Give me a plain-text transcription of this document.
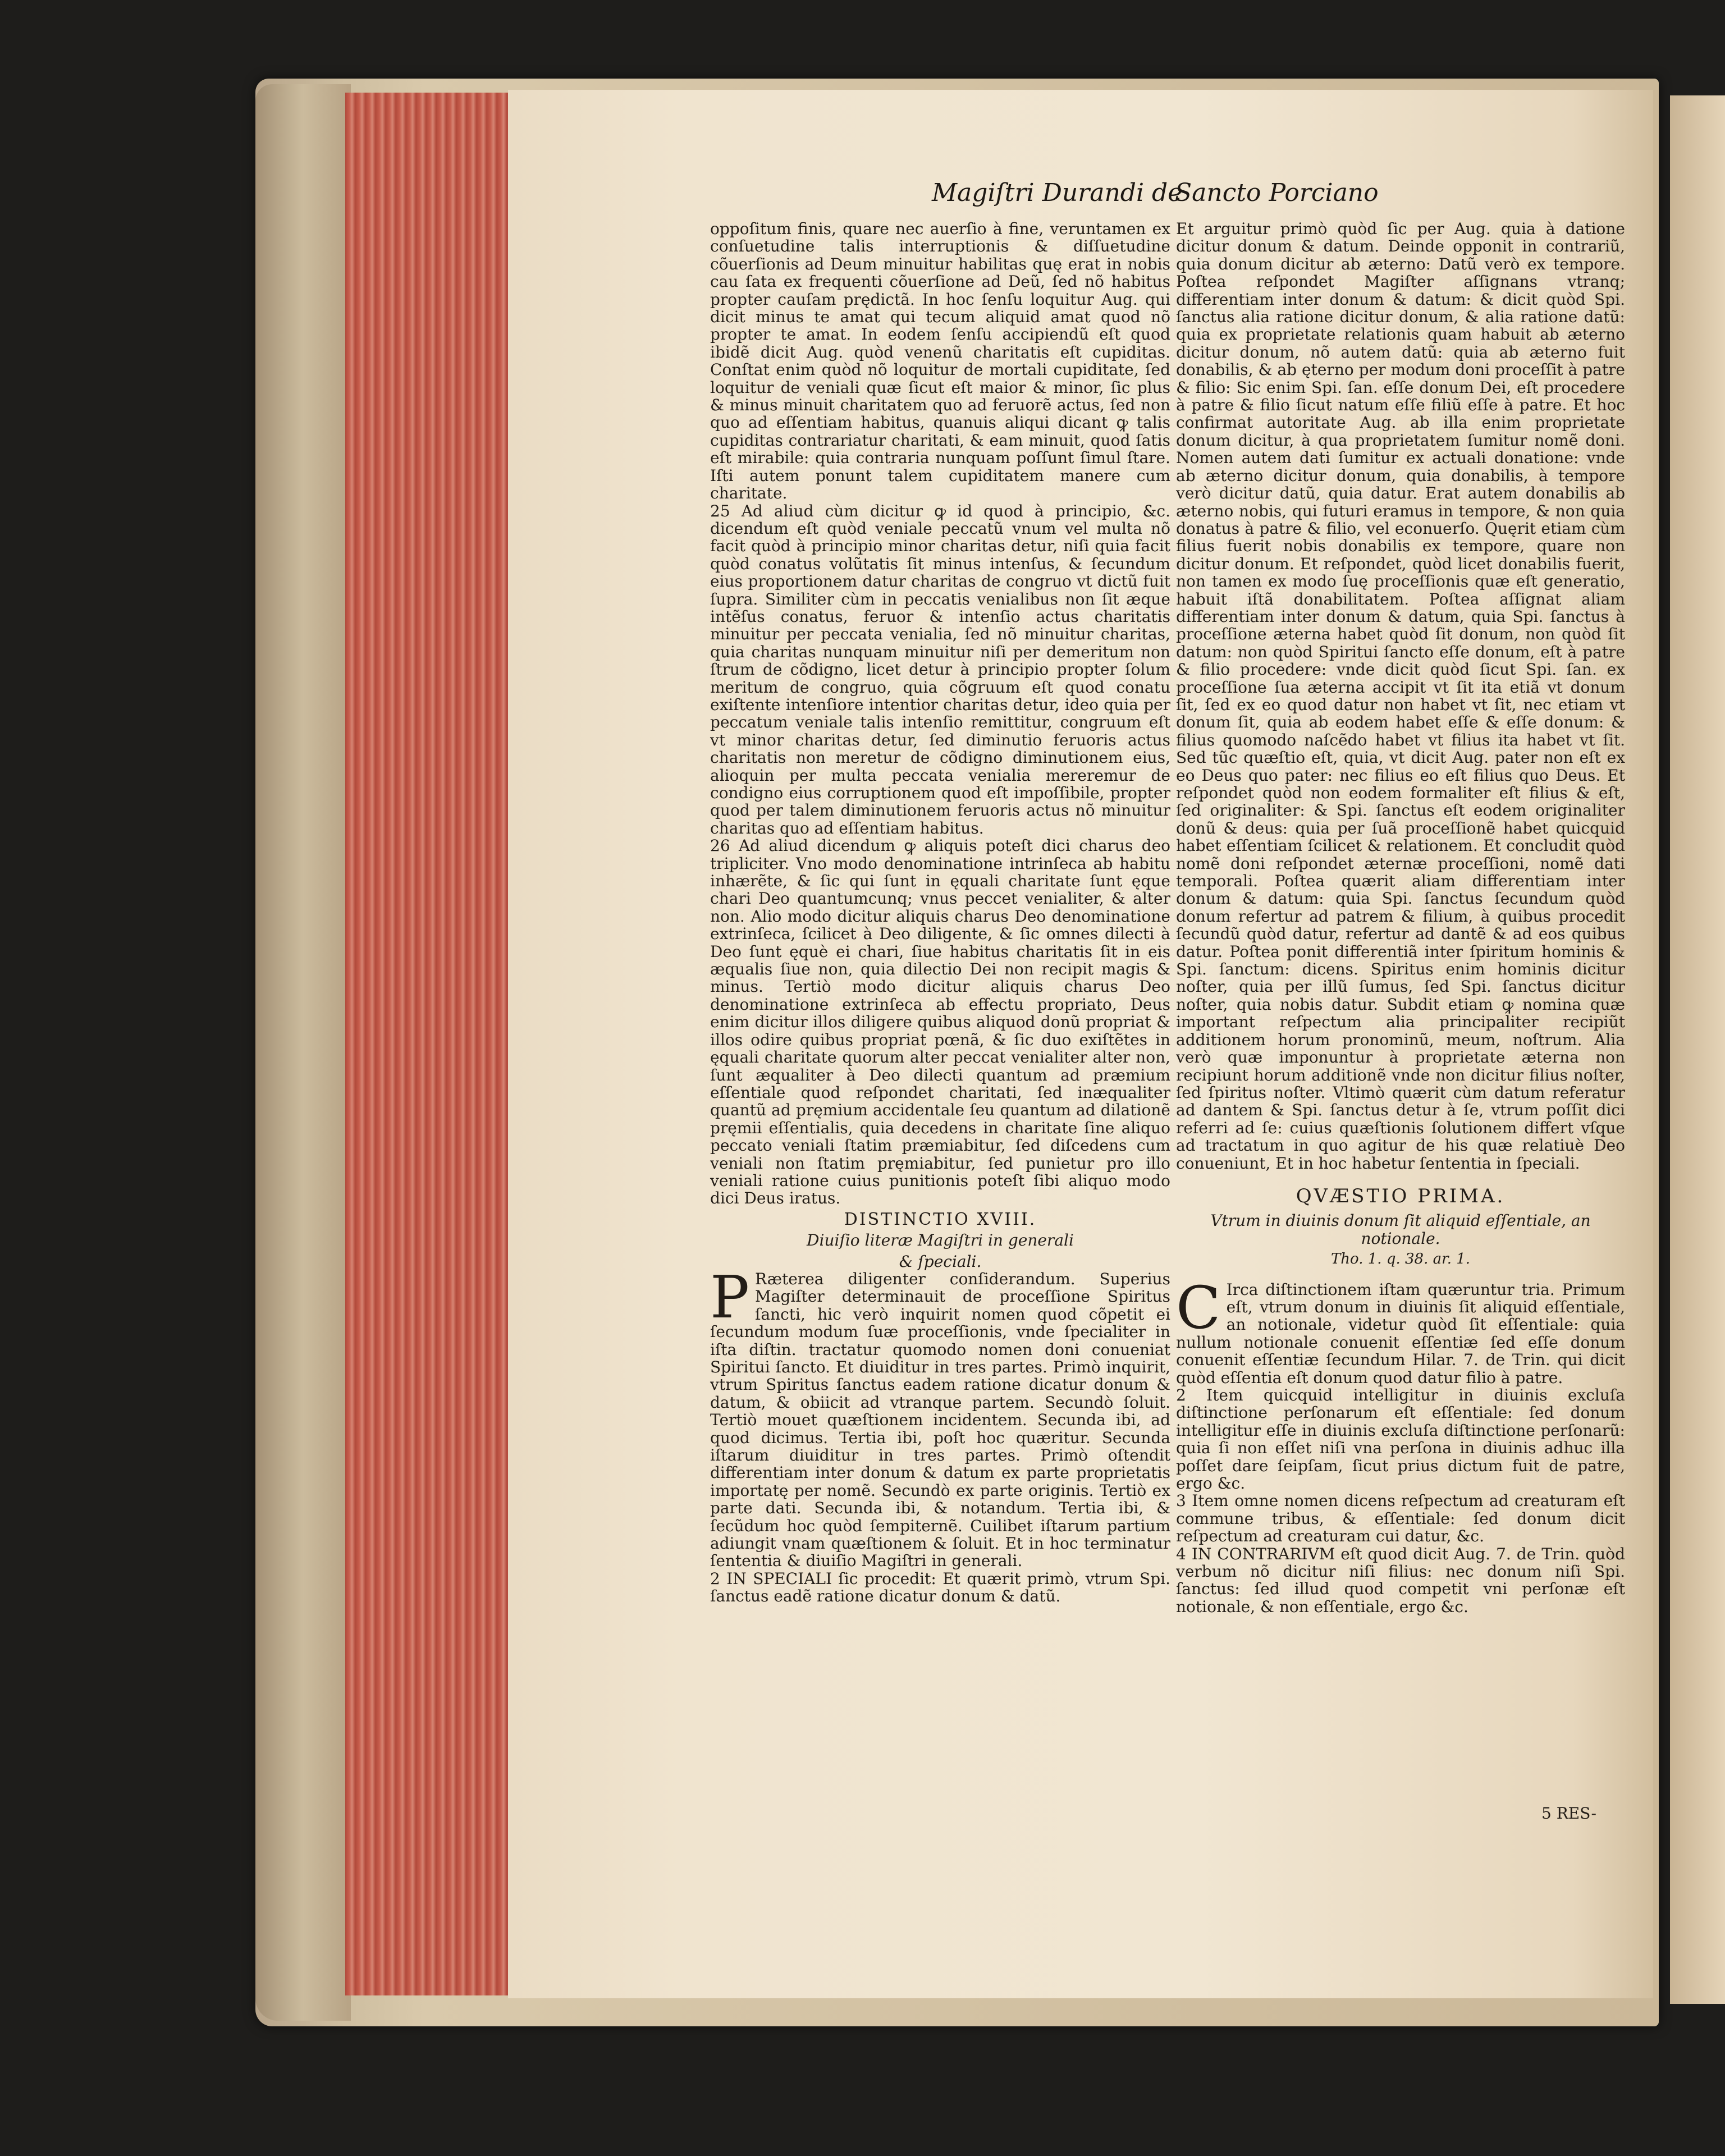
Magiſtri Durandi de
Sancto Porciano

oppoſitum finis, quare nec auerſio à fine, veruntamen ex conſuetudine talis interruptionis & diſſuetudine cõuerſionis ad Deum minuitur habilitas quę erat in nobis cau ſata ex frequenti cõuerſione ad Deũ, ſed nõ habitus propter cauſam prędictã. In hoc ſenſu loquitur Aug. qui dicit minus te amat qui tecum aliquid amat quod nõ propter te amat. In eodem ſenſu accipiendũ eſt quod ibidẽ dicit Aug. quòd venenũ charitatis eſt cupiditas. Conſtat enim quòd nõ loquitur de mortali cupiditate, ſed loquitur de veniali quæ ſicut eſt maior & minor, ſic plus & minus minuit charitatem quo ad feruorẽ actus, ſed non quo ad eſſentiam habitus, quanuis aliqui dicant ꝙ talis cupiditas contrariatur charitati, & eam minuit, quod ſatis eſt mirabile: quia contraria nunquam poſſunt ſimul ſtare. Iſti autem ponunt talem cupiditatem manere cum charitate.

25 Ad aliud cùm dicitur ꝙ id quod à principio, &c. dicendum eſt quòd veniale peccatũ vnum vel multa nõ facit quòd à principio minor charitas detur, niſi quia facit quòd conatus volũtatis ſit minus intenſus, & ſecundum eius proportionem datur charitas de congruo vt dictũ fuit ſupra. Similiter cùm in peccatis venialibus non ſit æque intẽſus conatus, feruor & intenſio actus charitatis minuitur per peccata venialia, ſed nõ minuitur charitas, quia charitas nunquam minuitur niſi per demeritum non ſtrum de cõdigno, licet detur à principio propter ſolum meritum de congruo, quia cõgruum eſt quod conatu exiſtente intenſiore intentior charitas detur, ideo quia per peccatum veniale talis intenſio remittitur, congruum eſt vt minor charitas detur, ſed diminutio feruoris actus charitatis non meretur de cõdigno diminutionem eius, alioquin per multa peccata venialia mereremur de condigno eius corruptionem quod eſt impoſſibile, propter quod per talem diminutionem feruoris actus nõ minuitur charitas quo ad eſſentiam habitus.

26 Ad aliud dicendum ꝙ aliquis poteſt dici charus deo tripliciter. Vno modo denominatione intrinſeca ab habitu inhærẽte, & ſic qui ſunt in ęquali charitate ſunt ęque chari Deo quantumcunq; vnus peccet venialiter, & alter non. Alio modo dicitur aliquis charus Deo denominatione extrinſeca, ſcilicet à Deo diligente, & ſic omnes dilecti à Deo ſunt ęquè ei chari, ſiue habitus charitatis ſit in eis æqualis ſiue non, quia dilectio Dei non recipit magis & minus. Tertiò modo dicitur aliquis charus Deo denominatione extrinſeca ab effectu propriato, Deus enim dicitur illos diligere quibus aliquod donũ propriat & illos odire quibus propriat pœnã, & ſic duo exiſtẽtes in ęquali charitate quorum alter peccat venialiter alter non, ſunt æqualiter à Deo dilecti quantum ad præmium eſſentiale quod reſpondet charitati, ſed inæqualiter quantũ ad pręmium accidentale ſeu quantum ad dilationẽ pręmii eſſentialis, quia decedens in charitate ſine aliquo peccato veniali ſtatim præmiabitur, ſed diſcedens cum veniali non ſtatim pręmiabitur, ſed punietur pro illo veniali ratione cuius punitionis poteſt ſibi aliquo modo dici Deus iratus.

DISTINCTIO XVIII.
Diuiſio literæ Magiſtri in generali
& ſpeciali.

P Ræterea diligenter conſiderandum. Superius Magiſter determinauit de proceſſione Spiritus ſancti, hic verò inquirit nomen quod cõpetit ei ſecundum modum ſuæ proceſſionis, vnde ſpecialiter in iſta diſtin. tractatur quomodo nomen doni conueniat Spiritui ſancto. Et diuiditur in tres partes. Primò inquirit, vtrum Spiritus ſanctus eadem ratione dicatur donum & datum, & obiicit ad vtranque partem. Secundò ſoluit. Tertiò mouet quæſtionem incidentem. Secunda ibi, ad quod dicimus. Tertia ibi, poſt hoc quæritur. Secunda iſtarum diuiditur in tres partes. Primò oſtendit differentiam inter donum & datum ex parte proprietatis importatę per nomẽ. Secundò ex parte originis. Tertiò ex parte dati. Secunda ibi, & notandum. Tertia ibi, & ſecũdum hoc quòd ſempiternẽ. Cuilibet iſtarum partium adiungit vnam quæſtionem & ſoluit. Et in hoc terminatur ſententia & diuiſio Magiſtri in generali.

2 IN SPECIALI ſic procedit: Et quærit primò, vtrum Spi. ſanctus eadẽ ratione dicatur donum & datũ.

Et arguitur primò quòd ſic per Aug. quia à datione dicitur donum & datum. Deinde opponit in contrariũ, quia donum dicitur ab æterno: Datũ verò ex tempore. Poſtea reſpondet Magiſter aſſignans vtranq; differentiam inter donum & datum: & dicit quòd Spi. ſanctus alia ratione dicitur donum, & alia ratione datũ: quia ex proprietate relationis quam habuit ab æterno dicitur donum, nõ autem datũ: quia ab æterno fuit donabilis, & ab ęterno per modum doni proceſſit à patre & filio: Sic enim Spi. ſan. eſſe donum Dei, eſt procedere à patre & filio ſicut natum eſſe filiũ eſſe à patre. Et hoc confirmat autoritate Aug. ab illa enim proprietate donum dicitur, à qua proprietatem ſumitur nomẽ doni. Nomen autem dati ſumitur ex actuali donatione: vnde ab æterno dicitur donum, quia donabilis, à tempore verò dicitur datũ, quia datur. Erat autem donabilis ab æterno nobis, qui futuri eramus in tempore, & non quia donatus à patre & filio, vel econuerſo. Quęrit etiam cùm filius fuerit nobis donabilis ex tempore, quare non dicitur donum. Et reſpondet, quòd licet donabilis fuerit, non tamen ex modo ſuę proceſſionis quæ eſt generatio, habuit iſtã donabilitatem. Poſtea aſſignat aliam differentiam inter donum & datum, quia Spi. ſanctus à proceſſione æterna habet quòd ſit donum, non quòd ſit datum: non quòd Spiritui ſancto eſſe donum, eſt à patre & filio procedere: vnde dicit quòd ſicut Spi. ſan. ex proceſſione ſua æterna accipit vt ſit ita etiã vt donum ſit, ſed ex eo quod datur non habet vt ſit, nec etiam vt donum ſit, quia ab eodem habet eſſe & eſſe donum: & filius quomodo naſcẽdo habet vt filius ita habet vt ſit. Sed tũc quæſtio eſt, quia, vt dicit Aug. pater non eſt ex eo Deus quo pater: nec filius eo eſt filius quo Deus. Et reſpondet quòd non eodem formaliter eſt filius & eſt, ſed originaliter: & Spi. ſanctus eſt eodem originaliter donũ & deus: quia per ſuã proceſſionẽ habet quicquid habet eſſentiam ſcilicet & relationem. Et concludit quòd nomẽ doni reſpondet æternæ proceſſioni, nomẽ dati temporali. Poſtea quærit aliam differentiam inter donum & datum: quia Spi. ſanctus ſecundum quòd donum refertur ad patrem & filium, à quibus procedit ſecundũ quòd datur, refertur ad dantẽ & ad eos quibus datur. Poſtea ponit differentiã inter ſpiritum hominis & Spi. ſanctum: dicens. Spiritus enim hominis dicitur noſter, quia per illũ ſumus, ſed Spi. ſanctus dicitur noſter, quia nobis datur. Subdit etiam ꝙ nomina quæ important reſpectum alia principaliter recipiũt additionem horum pronominũ, meum, noſtrum. Alia verò quæ imponuntur à proprietate æterna non recipiunt horum additionẽ vnde non dicitur filius noſter, ſed ſpiritus noſter. Vltimò quærit cùm datum referatur ad dantem & Spi. ſanctus detur à ſe, vtrum poſſit dici referri ad ſe: cuius quæſtionis ſolutionem differt vſque ad tractatum in quo agitur de his quæ relatiuè Deo conueniunt, Et in hoc habetur ſententia in ſpeciali.

QVÆSTIO PRIMA.
Vtrum in diuinis donum ſit aliquid eſſentiale, an notionale.
Tho. 1. q. 38. ar. 1.

C Irca diſtinctionem iſtam quæruntur tria. Primum eſt, vtrum donum in diuinis ſit aliquid eſſentiale, an notionale, videtur quòd ſit eſſentiale: quia nullum notionale conuenit eſſentiæ ſed eſſe donum conuenit eſſentiæ ſecundum Hilar. 7. de Trin. qui dicit quòd eſſentia eſt donum quod datur filio à patre.

2 Item quicquid intelligitur in diuinis excluſa diſtinctione perſonarum eſt eſſentiale: ſed donum intelligitur eſſe in diuinis excluſa diſtinctione perſonarũ: quia ſi non eſſet niſi vna perſona in diuinis adhuc illa poſſet dare ſeipſam, ſicut prius dictum fuit de patre, ergo &c.

3 Item omne nomen dicens reſpectum ad creaturam eſt commune tribus, & eſſentiale: ſed donum dicit reſpectum ad creaturam cui datur, &c.

4 IN CONTRARIVM eſt quod dicit Aug. 7. de Trin. quòd verbum nõ dicitur niſi filius: nec donum niſi Spi. ſanctus: ſed illud quod competit vni perſonæ eſt notionale, & non eſſentiale, ergo &c.

5 RES-
